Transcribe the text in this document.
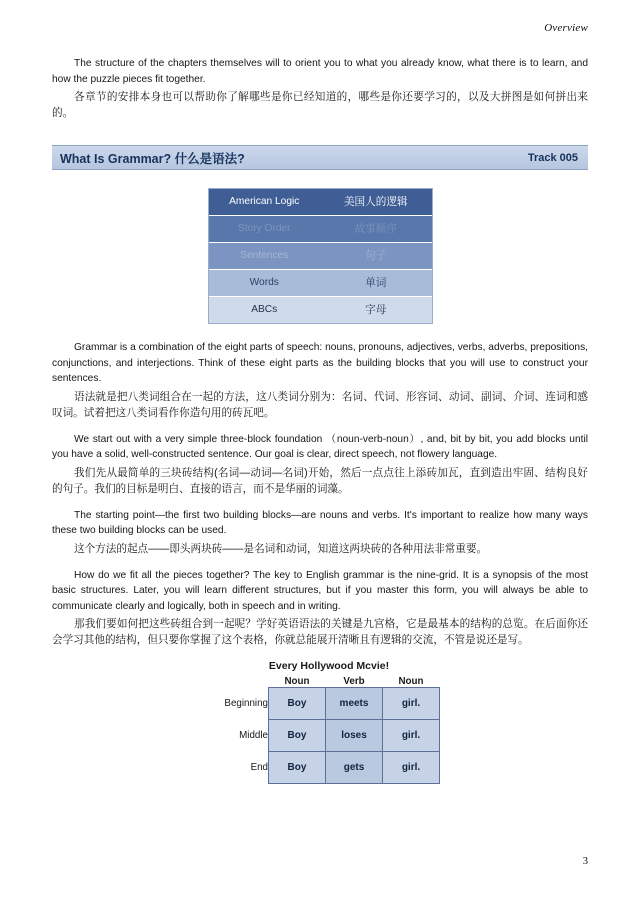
Overview

The structure of the chapters themselves will to orient you to what you already know, what there is to learn, and how the puzzle pieces fit together.

各章节的安排本身也可以帮助你了解哪些是你已经知道的，哪些是你还要学习的，以及大拼图是如何拼出来的。

What Is Grammar? 什么是语法?	Track 005
American Logic	美国人的逻辑
Story Order	故事顺序
Sentences	句子
Words	单词
ABCs	字母

Grammar is a combination of the eight parts of speech: nouns, pronouns, adjectives, verbs, adverbs, prepositions, conjunctions, and interjections. Think of these eight parts as the building blocks that you will use to construct your sentences.

语法就是把八类词组合在一起的方法，这八类词分别为：名词、代词、形容词、动词、副词、介词、连词和感叹词。试着把这八类词看作你造句用的砖瓦吧。

We start out with a very simple three-block foundation （noun-verb-noun）, and, bit by bit, you add blocks until you have a solid, well-constructed sentence. Our goal is clear, direct speech, not flowery language.

我们先从最简单的三块砖结构(名词—动词—名词)开始，然后一点点往上添砖加瓦，直到造出牢固、结构良好的句子。我们的目标是明白、直接的语言，而不是华丽的词藻。

The starting point—the first two building blocks—are nouns and verbs. It's important to realize how many ways these two building blocks can be used.

这个方法的起点——即头两块砖——是名词和动词，知道这两块砖的各种用法非常重要。

How do we fit all the pieces together? The key to English grammar is the nine-grid. It is a synopsis of the most basic structures. Later, you will learn different structures, but if you master this form, you will always be able to communicate clearly and logically, both in speech and in writing.

那我们要如何把这些砖组合到一起呢？学好英语语法的关键是九宫格，它是最基本的结构的总览。在后面你还会学习其他的结构，但只要你掌握了这个表格，你就总能展开清晰且有逻辑的交流，不管是说还是写。

Every Hollywood Mcvie!
	Noun	Verb	Noun
Beginning	Boy	meets	girl.
Middle	Boy	loses	girl.
End	Boy	gets	girl.
3
